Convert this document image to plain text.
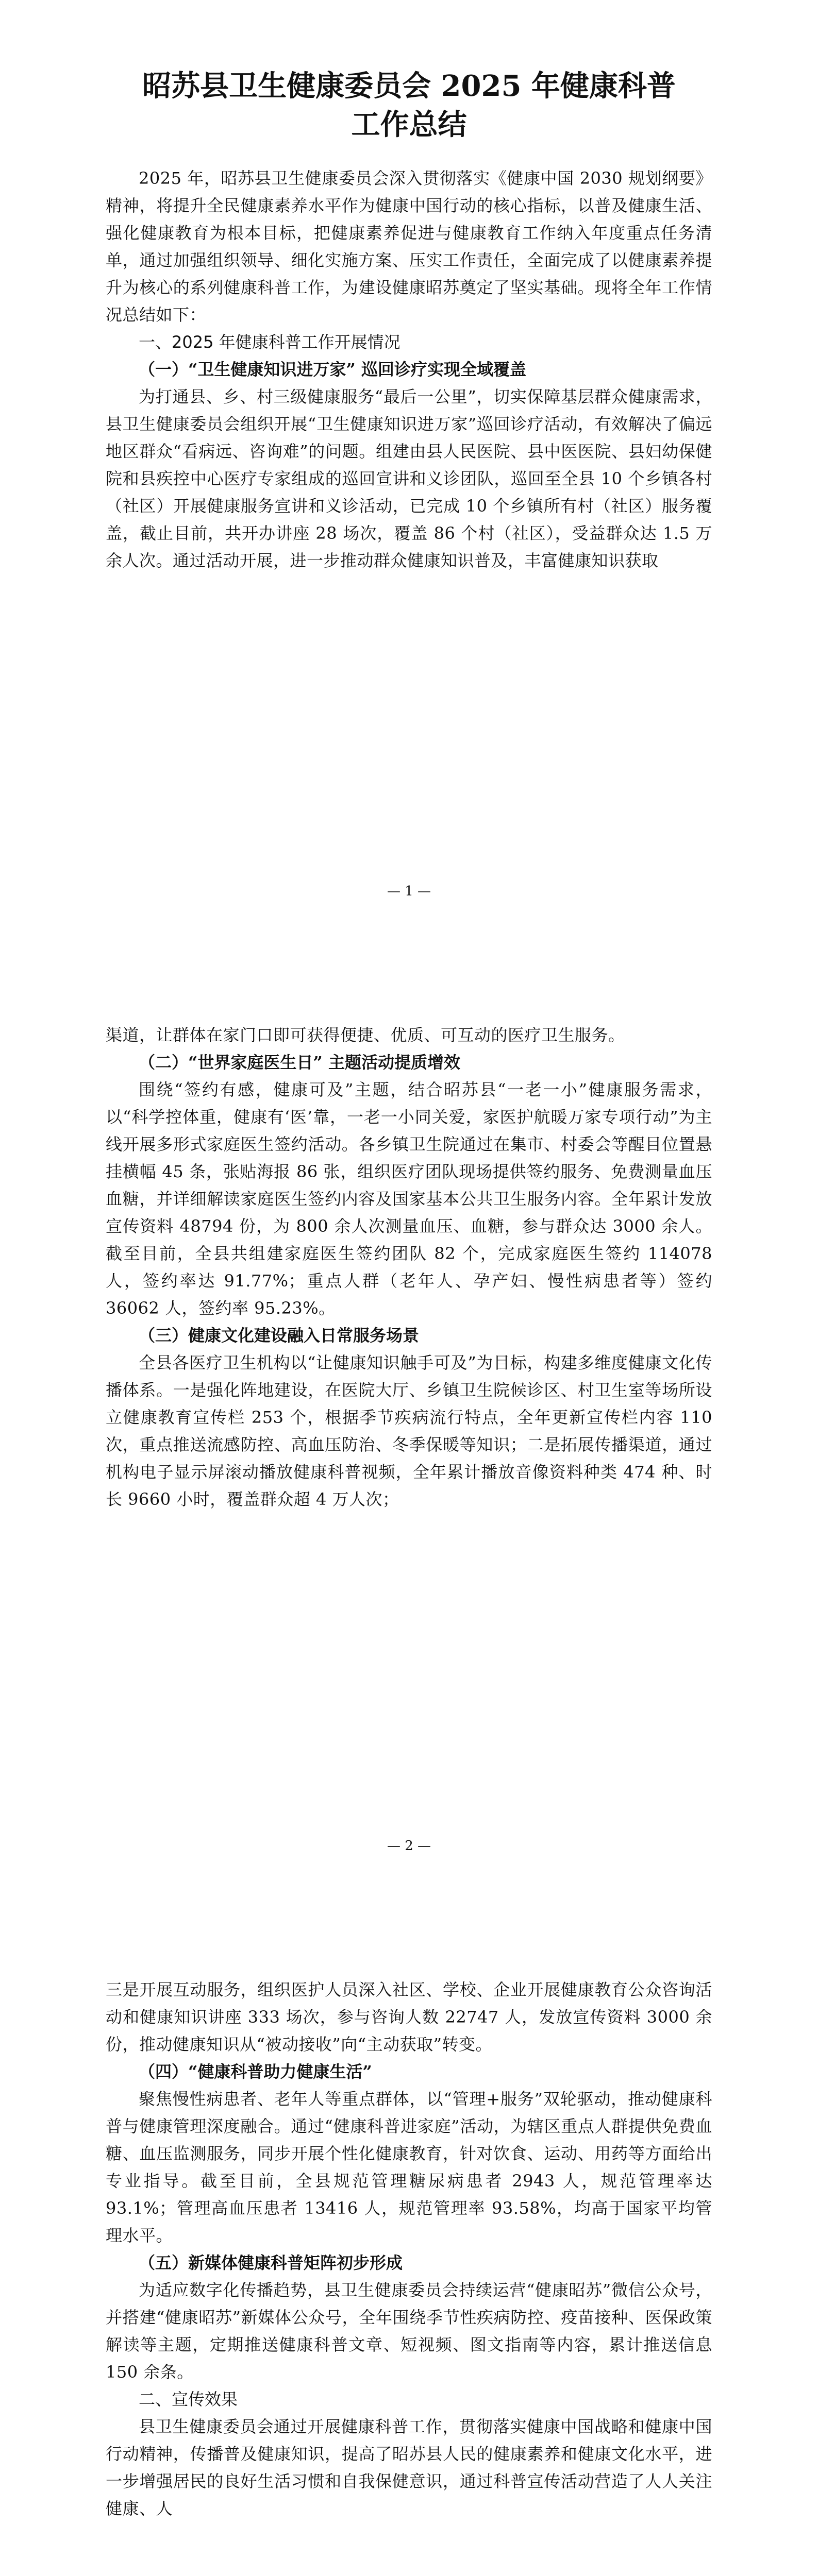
昭苏县卫生健康委员会 2025 年健康科普
工作总结

2025 年，昭苏县卫生健康委员会深入贯彻落实《健康中国 2030 规划纲要》精神，将提升全民健康素养水平作为健康中国行动的核心指标，以普及健康生活、强化健康教育为根本目标，把健康素养促进与健康教育工作纳入年度重点任务清单，通过加强组织领导、细化实施方案、压实工作责任，全面完成了以健康素养提升为核心的系列健康科普工作，为建设健康昭苏奠定了坚实基础。现将全年工作情况总结如下：

一、2025 年健康科普工作开展情况

（一）“卫生健康知识进万家” 巡回诊疗实现全域覆盖

为打通县、乡、村三级健康服务“最后一公里”，切实保障基层群众健康需求，县卫生健康委员会组织开展“卫生健康知识进万家”巡回诊疗活动，有效解决了偏远地区群众“看病远、咨询难”的问题。组建由县人民医院、县中医医院、县妇幼保健院和县疾控中心医疗专家组成的巡回宣讲和义诊团队，巡回至全县 10 个乡镇各村（社区）开展健康服务宣讲和义诊活动，已完成 10 个乡镇所有村（社区）服务覆盖，截止目前，共开办讲座 28 场次，覆盖 86 个村（社区），受益群众达 1.5 万余人次。通过活动开展，进一步推动群众健康知识普及，丰富健康知识获取

— 1 —

渠道，让群体在家门口即可获得便捷、优质、可互动的医疗卫生服务。

（二）“世界家庭医生日” 主题活动提质增效

围绕“签约有感，健康可及”主题，结合昭苏县“一老一小”健康服务需求，以“科学控体重，健康有‘医’靠，一老一小同关爱，家医护航暖万家专项行动”为主线开展多形式家庭医生签约活动。各乡镇卫生院通过在集市、村委会等醒目位置悬挂横幅 45 条，张贴海报 86 张，组织医疗团队现场提供签约服务、免费测量血压血糖，并详细解读家庭医生签约内容及国家基本公共卫生服务内容。全年累计发放宣传资料 48794 份，为 800 余人次测量血压、血糖，参与群众达 3000 余人。截至目前，全县共组建家庭医生签约团队 82 个，完成家庭医生签约 114078 人，签约率达 91.77%；重点人群（老年人、孕产妇、慢性病患者等）签约 36062 人，签约率 95.23%。

（三）健康文化建设融入日常服务场景

全县各医疗卫生机构以“让健康知识触手可及”为目标，构建多维度健康文化传播体系。一是强化阵地建设，在医院大厅、乡镇卫生院候诊区、村卫生室等场所设立健康教育宣传栏 253 个，根据季节疾病流行特点，全年更新宣传栏内容 110 次，重点推送流感防控、高血压防治、冬季保暖等知识；二是拓展传播渠道，通过机构电子显示屏滚动播放健康科普视频，全年累计播放音像资料种类 474 种、时长 9660 小时，覆盖群众超 4 万人次；

— 2 —

三是开展互动服务，组织医护人员深入社区、学校、企业开展健康教育公众咨询活动和健康知识讲座 333 场次，参与咨询人数 22747 人，发放宣传资料 3000 余份，推动健康知识从“被动接收”向“主动获取”转变。

（四）“健康科普助力健康生活”

聚焦慢性病患者、老年人等重点群体，以“管理+服务”双轮驱动，推动健康科普与健康管理深度融合。通过“健康科普进家庭”活动，为辖区重点人群提供免费血糖、血压监测服务，同步开展个性化健康教育，针对饮食、运动、用药等方面给出专业指导。截至目前，全县规范管理糖尿病患者 2943 人，规范管理率达 93.1%；管理高血压患者 13416 人，规范管理率 93.58%，均高于国家平均管理水平。

（五）新媒体健康科普矩阵初步形成

为适应数字化传播趋势，县卫生健康委员会持续运营“健康昭苏”微信公众号，并搭建“健康昭苏”新媒体公众号，全年围绕季节性疾病防控、疫苗接种、医保政策解读等主题，定期推送健康科普文章、短视频、图文指南等内容，累计推送信息 150 余条。

二、宣传效果

县卫生健康委员会通过开展健康科普工作，贯彻落实健康中国战略和健康中国行动精神，传播普及健康知识，提高了昭苏县人民的健康素养和健康文化水平，进一步增强居民的良好生活习惯和自我保健意识，通过科普宣传活动营造了人人关注健康、人
